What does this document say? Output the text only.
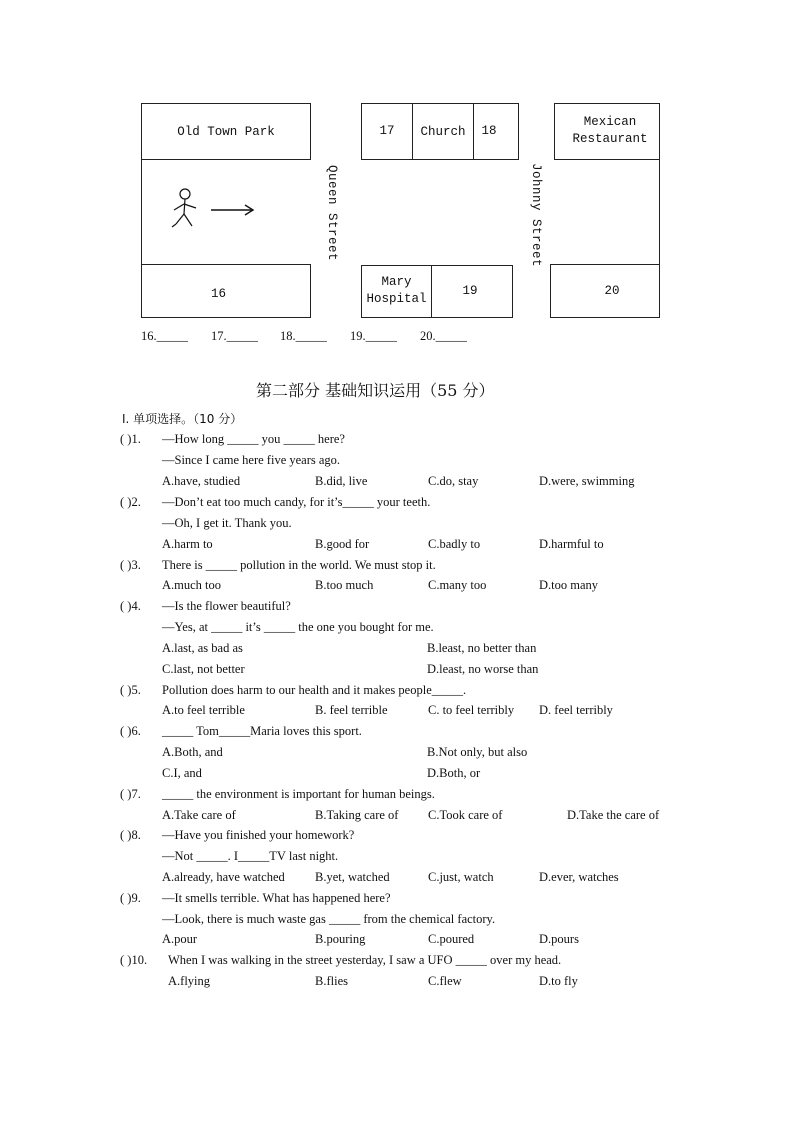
Old Town Park	17	Church	18
Mexican
Restaurant
16
Mary
Hospital
19	20
Queen Street	Johnny Street
16._____ 17._____ 18._____ 19._____ 20._____
第二部分 基础知识运用（55 分）
Ⅰ. 单项选择。（10 分）
( )1. —How long _____ you _____ here?
—Since I came here five years ago.
A.have, studied	B.did, live	C.do, stay	D.were, swimming
( )2. —Don’t eat too much candy, for it’s_____ your teeth.
—Oh, I get it. Thank you.
A.harm to	B.good for	C.badly to	D.harmful to
( )3. There is _____ pollution in the world. We must stop it.
A.much too	B.too much	C.many too	D.too many
( )4. —Is the flower beautiful?
—Yes, at _____ it’s _____ the one you bought for me.
A.last, as bad as	B.least, no better than
C.last, not better	D.least, no worse than
( )5. Pollution does harm to our health and it makes people_____.
A.to feel terrible	B. feel terrible	C. to feel terribly D. feel terribly
( )6. _____ Tom_____Maria loves this sport.
A.Both, and	B.Not only, but also
C.I, and	D.Both, or
( )7. _____ the environment is important for human beings.
A.Take care of	B.Taking care of C.Took care of	D.Take the care of
( )8. —Have you finished your homework?
—Not _____. I_____TV last night.
A.already, have watched B.yet, watched	C.just, watch	D.ever, watches
( )9. —It smells terrible. What has happened here?
—Look, there is much waste gas _____ from the chemical factory.
A.pour	B.pouring	C.poured	D.pours
( )10. When I was walking in the street yesterday, I saw a UFO _____ over my head.
A.flying	B.flies	C.flew	D.to fly
